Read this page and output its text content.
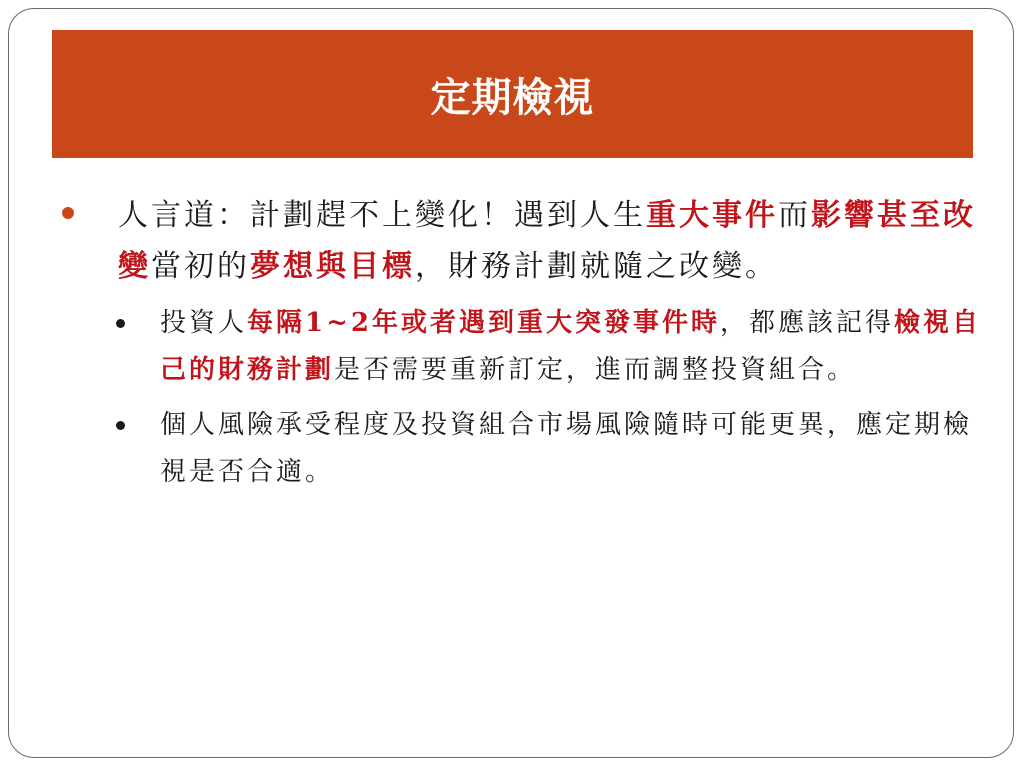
定期檢視
人言道：計劃趕不上變化！遇到人生重大事件而影響甚至改變當初的夢想與目標，財務計劃就隨之改變。
投資人每隔1~2年或者遇到重大突發事件時，都應該記得檢視自己的財務計劃是否需要重新訂定，進而調整投資組合。
個人風險承受程度及投資組合市場風險隨時可能更異，應定期檢視是否合適。
